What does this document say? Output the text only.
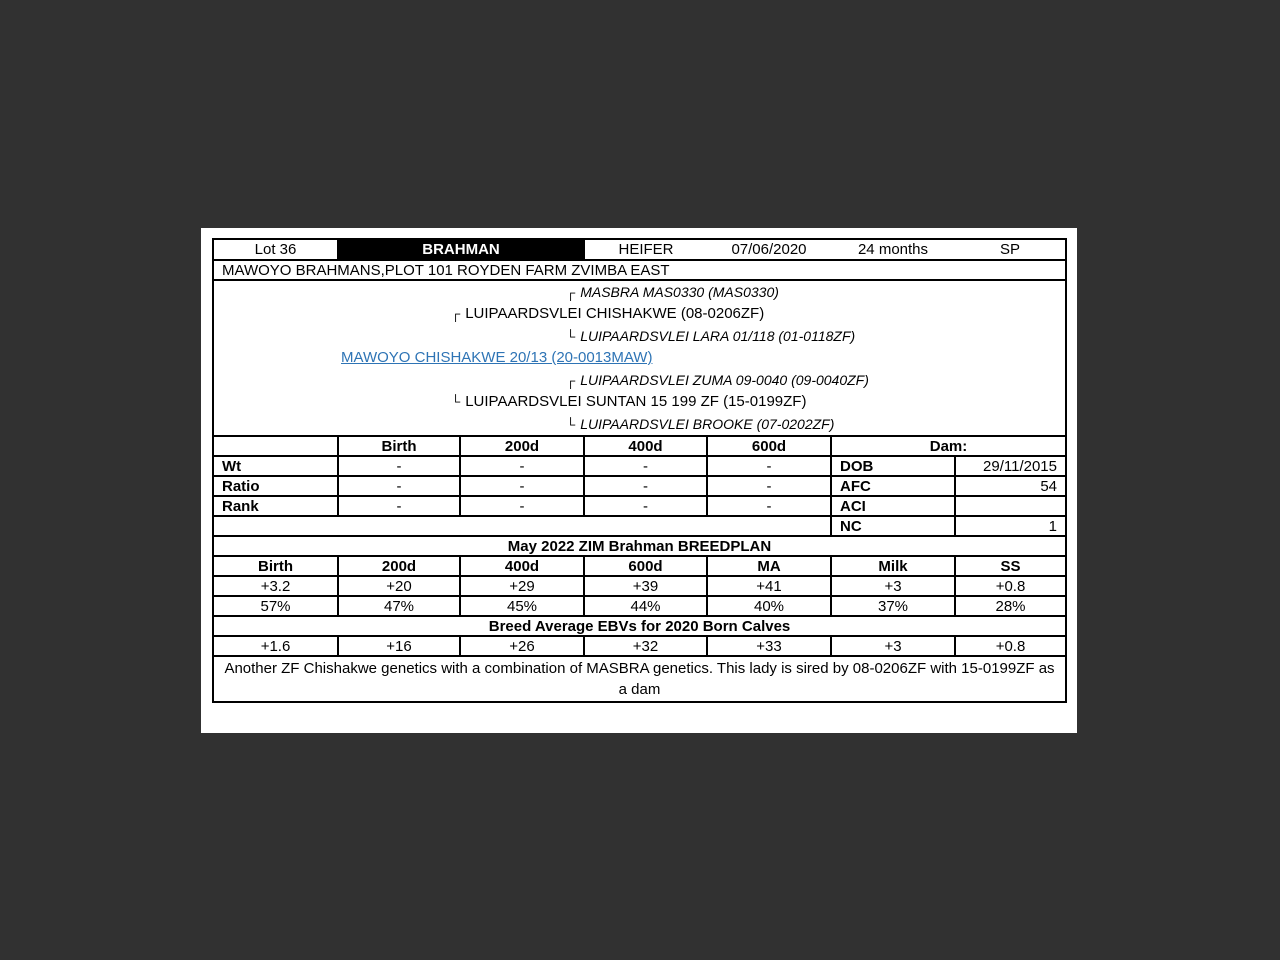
Lot 36	BRAHMAN		HEIFER	07/06/2020	24 months	SP
MAWOYO BRAHMANS,PLOT 101 ROYDEN FARM ZVIMBA EAST						

┌ MASBRA MAS0330 (MAS0330)
┌ LUIPAARDSVLEI CHISHAKWE (08-0206ZF)
└ LUIPAARDSVLEI LARA 01/118 (01-0118ZF)
MAWOYO CHISHAKWE 20/13 (20-0013MAW)
┌ LUIPAARDSVLEI ZUMA 09-0040 (09-0040ZF)
└ LUIPAARDSVLEI SUNTAN 15 199 ZF (15-0199ZF)
└ LUIPAARDSVLEI BROOKE (07-0202ZF)

	Birth	200d	400d	600d	Dam:	
Wt	-	-	-	-	DOB	29/11/2015
Ratio	-	-	-	-	AFC	54
Rank	-	-	-	-	ACI	
					NC	1
May 2022 ZIM Brahman BREEDPLAN						
Birth	200d	400d	600d	MA	Milk	SS
+3.2	+20	+29	+39	+41	+3	+0.8
57%	47%	45%	44%	40%	37%	28%
Breed Average EBVs for 2020 Born Calves						
+1.6	+16	+26	+32	+33	+3	+0.8
Another ZF Chishakwe genetics with a combination of MASBRA genetics. This lady is sired by 08-0206ZF with 15-0199ZF as a dam						
